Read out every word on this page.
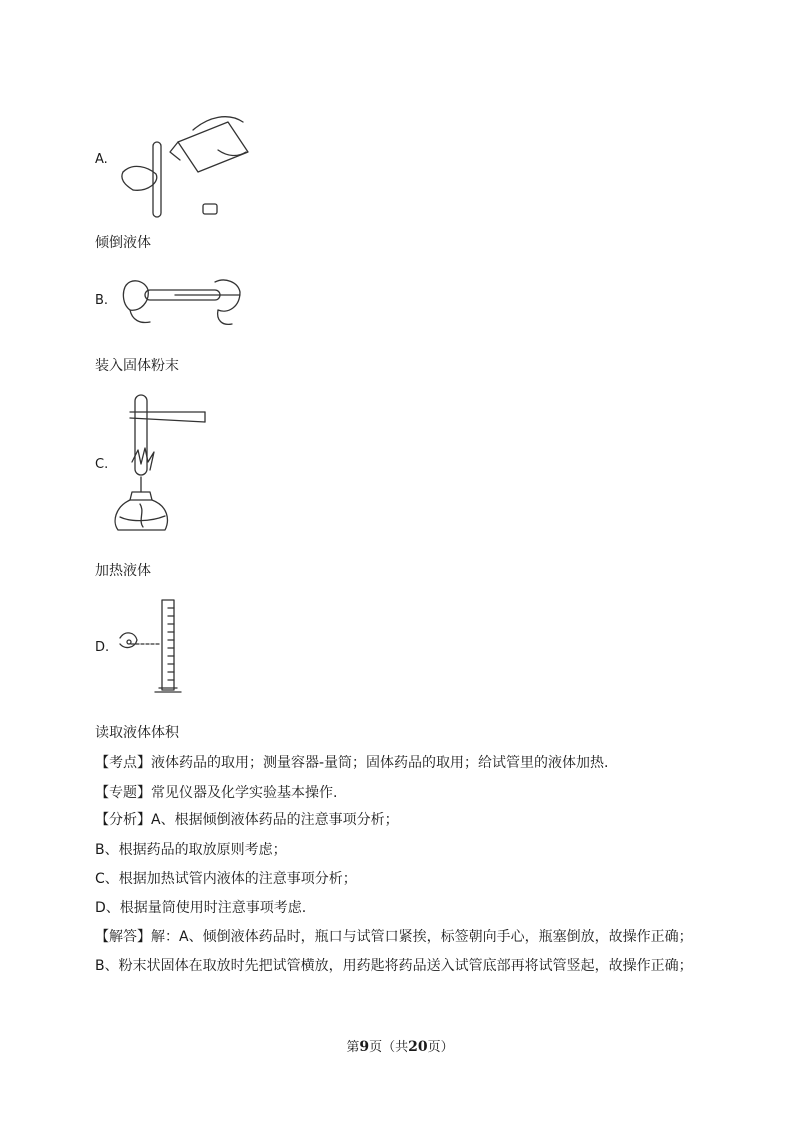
A.
倾倒液体
B.
装入固体粉末
C.
加热液体
D.
读取液体体积
【考点】液体药品的取用；测量容器-量筒；固体药品的取用；给试管里的液体加热.
【专题】常见仪器及化学实验基本操作.
【分析】A、根据倾倒液体药品的注意事项分析；
B、根据药品的取放原则考虑；
C、根据加热试管内液体的注意事项分析；
D、根据量筒使用时注意事项考虑.
【解答】解：A、倾倒液体药品时，瓶口与试管口紧挨，标签朝向手心，瓶塞倒放，故操作正确；
B、粉末状固体在取放时先把试管横放，用药匙将药品送入试管底部再将试管竖起，故操作正确；
第9页（共20页）
